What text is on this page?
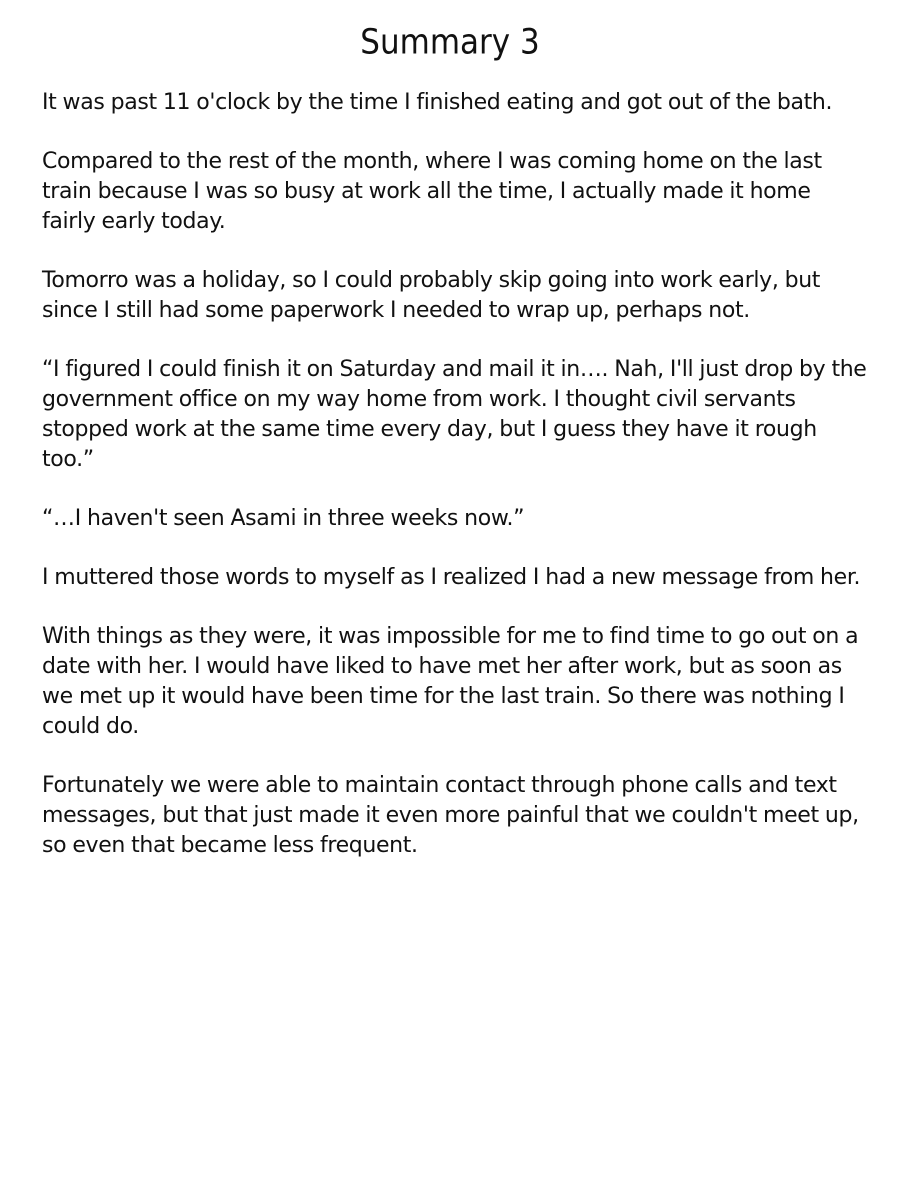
Summary 3

It was past 11 o'clock by the time I finished eating and got out of the bath.

Compared to the rest of the month, where I was coming home on the last train because I was so busy at work all the time, I actually made it home fairly early today.

Tomorro was a holiday, so I could probably skip going into work early, but since I still had some paperwork I needed to wrap up, perhaps not.

“I figured I could finish it on Saturday and mail it in…. Nah, I'll just drop by the government office on my way home from work. I thought civil servants stopped work at the same time every day, but I guess they have it rough too.”

“…I haven't seen Asami in three weeks now.”

I muttered those words to myself as I realized I had a new message from her.

With things as they were, it was impossible for me to find time to go out on a date with her. I would have liked to have met her after work, but as soon as we met up it would have been time for the last train. So there was nothing I could do.

Fortunately we were able to maintain contact through phone calls and text messages, but that just made it even more painful that we couldn't meet up, so even that became less frequent.
